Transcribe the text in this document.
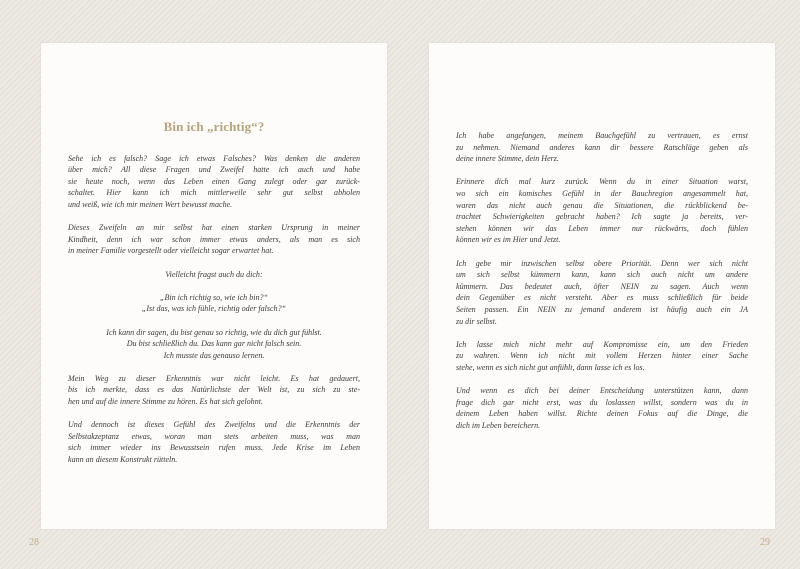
Bin ich „richtig“?
Sehe ich es falsch? Sage ich etwas Falsches? Was denken die anderen
über mich? All diese Fragen und Zweifel hatte ich auch und habe
sie heute noch, wenn das Leben einen Gang zulegt oder gar zurück-
schaltet. Hier kann ich mich mittlerweile sehr gut selbst abholen
und weiß, wie ich mir meinen Wert bewusst mache.
Dieses Zweifeln an mir selbst hat einen starken Ursprung in meiner
Kindheit, denn ich war schon immer etwas anders, als man es sich
in meiner Familie vorgestellt oder vielleicht sogar erwartet hat.
Vielleicht fragst auch du dich:
„Bin ich richtig so, wie ich bin?“
„Ist das, was ich fühle, richtig oder falsch?“
Ich kann dir sagen, du bist genau so richtig, wie du dich gut fühlst.
Du bist schließlich du. Das kann gar nicht falsch sein.
Ich musste das genauso lernen.
Mein Weg zu dieser Erkenntnis war nicht leicht. Es hat gedauert,
bis ich merkte, dass es das Natürlichste der Welt ist, zu sich zu ste-
hen und auf die innere Stimme zu hören. Es hat sich gelohnt.
Und dennoch ist dieses Gefühl des Zweifelns und die Erkenntnis der
Selbstakzeptanz etwas, woran man stets arbeiten muss, was man
sich immer wieder ins Bewusstsein rufen muss. Jede Krise im Leben
kann an diesem Konstrukt rütteln.
Ich habe angefangen, meinem Bauchgefühl zu vertrauen, es ernst
zu nehmen. Niemand anderes kann dir bessere Ratschläge geben als
deine innere Stimme, dein Herz.
Erinnere dich mal kurz zurück. Wenn du in einer Situation warst,
wo sich ein komisches Gefühl in der Bauchregion angesammelt hat,
waren das nicht auch genau die Situationen, die rückblickend be-
trachtet Schwierigkeiten gebracht haben? Ich sagte ja bereits, ver-
stehen können wir das Leben immer nur rückwärts, doch fühlen
können wir es im Hier und Jetzt.
Ich gebe mir inzwischen selbst obere Priorität. Denn wer sich nicht
um sich selbst kümmern kann, kann sich auch nicht um andere
kümmern. Das bedeutet auch, öfter NEIN zu sagen. Auch wenn
dein Gegenüber es nicht versteht. Aber es muss schließlich für beide
Seiten passen. Ein NEIN zu jemand anderem ist häufig auch ein JA
zu dir selbst.
Ich lasse mich nicht mehr auf Kompromisse ein, um den Frieden
zu wahren. Wenn ich nicht mit vollem Herzen hinter einer Sache
stehe, wenn es sich nicht gut anfühlt, dann lasse ich es los.
Und wenn es dich bei deiner Entscheidung unterstützen kann, dann
frage dich gar nicht erst, was du loslassen willst, sondern was du in
deinem Leben haben willst. Richte deinen Fokus auf die Dinge, die
dich im Leben bereichern.
28	29
